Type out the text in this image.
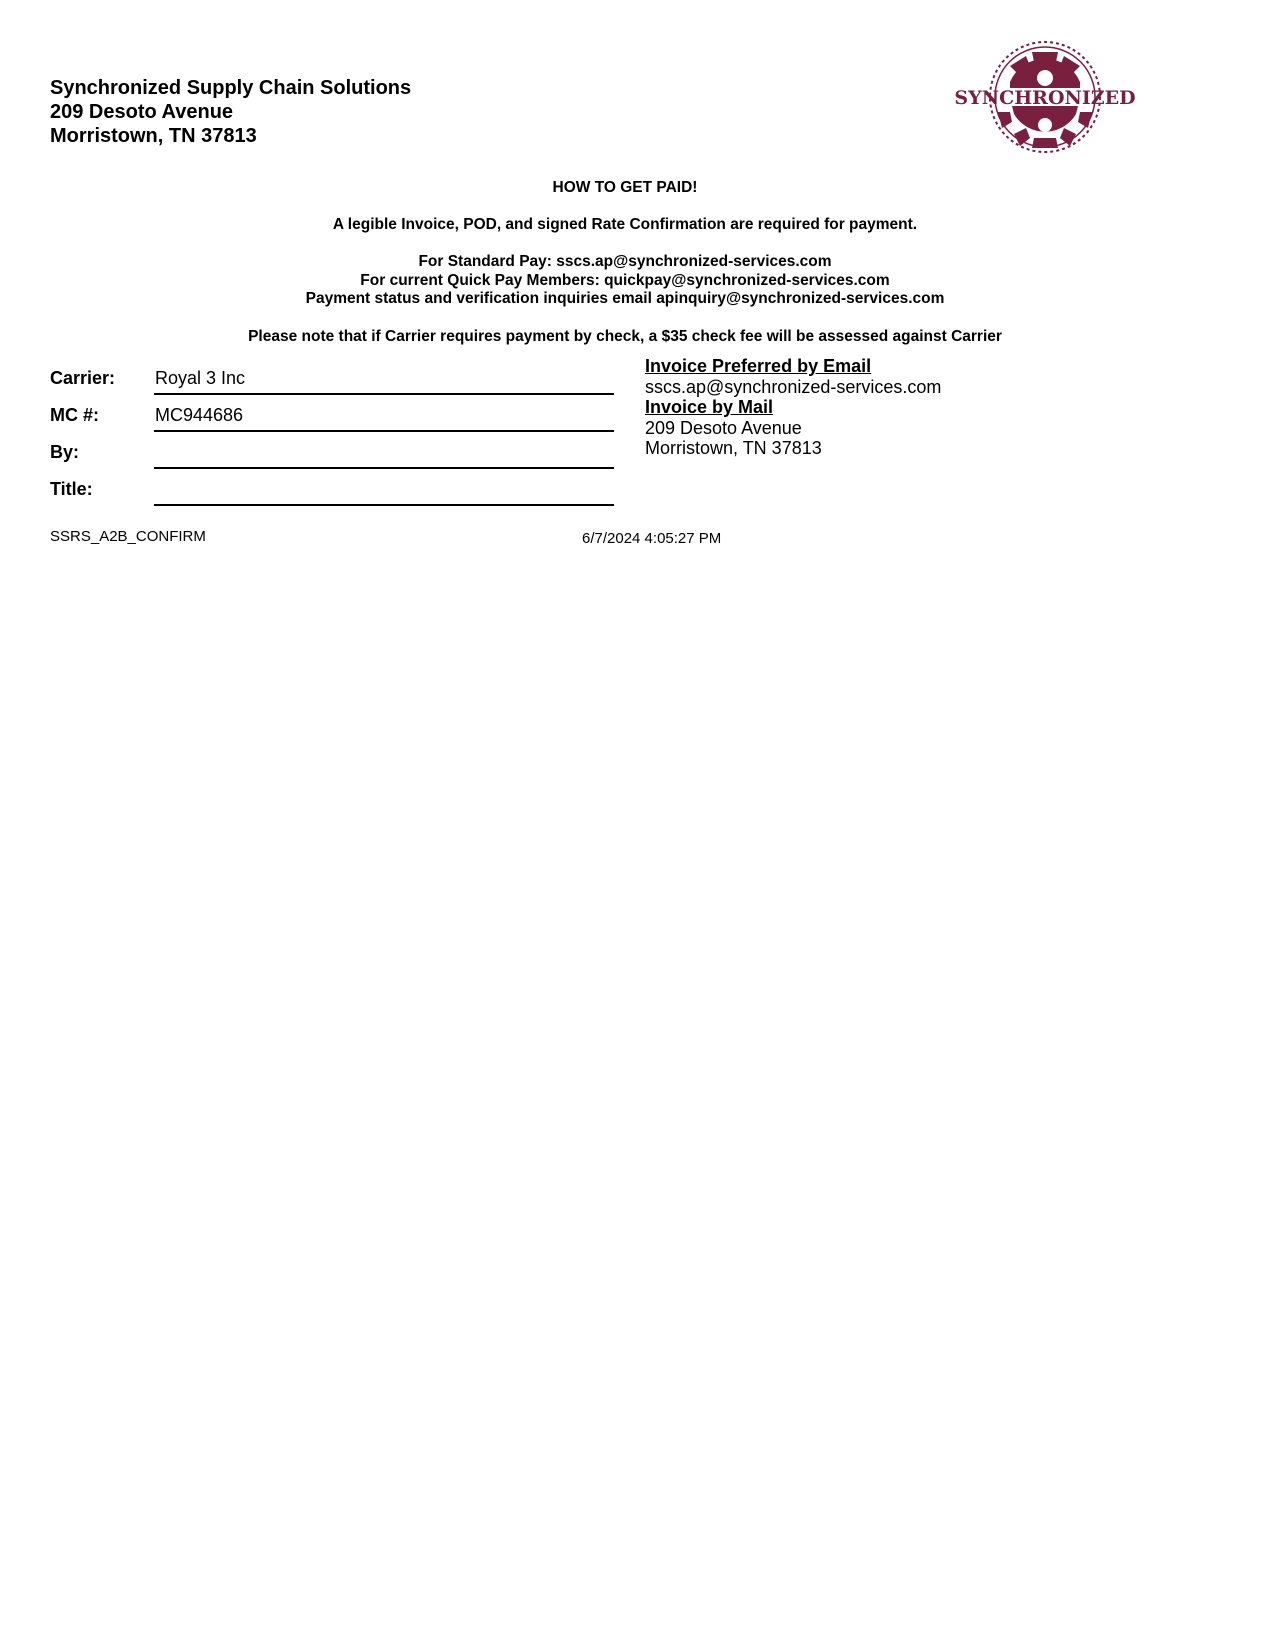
Synchronized Supply Chain Solutions
209 Desoto Avenue
Morristown, TN 37813
SYNCHRONIZED
HOW TO GET PAID!
A legible Invoice, POD, and signed Rate Confirmation are required for payment.
For Standard Pay: sscs.ap@synchronized-services.com
For current Quick Pay Members: quickpay@synchronized-services.com
Payment status and verification inquiries email apinquiry@synchronized-services.com
Please note that if Carrier requires payment by check, a $35 check fee will be assessed against Carrier
Carrier: Royal 3 Inc
MC #:	MC944686
By:
Title:
Invoice Preferred by Email
sscs.ap@synchronized-services.com
Invoice by Mail
209 Desoto Avenue
Morristown, TN 37813
SSRS_A2B_CONFIRM	6/7/2024 4:05:27 PM
